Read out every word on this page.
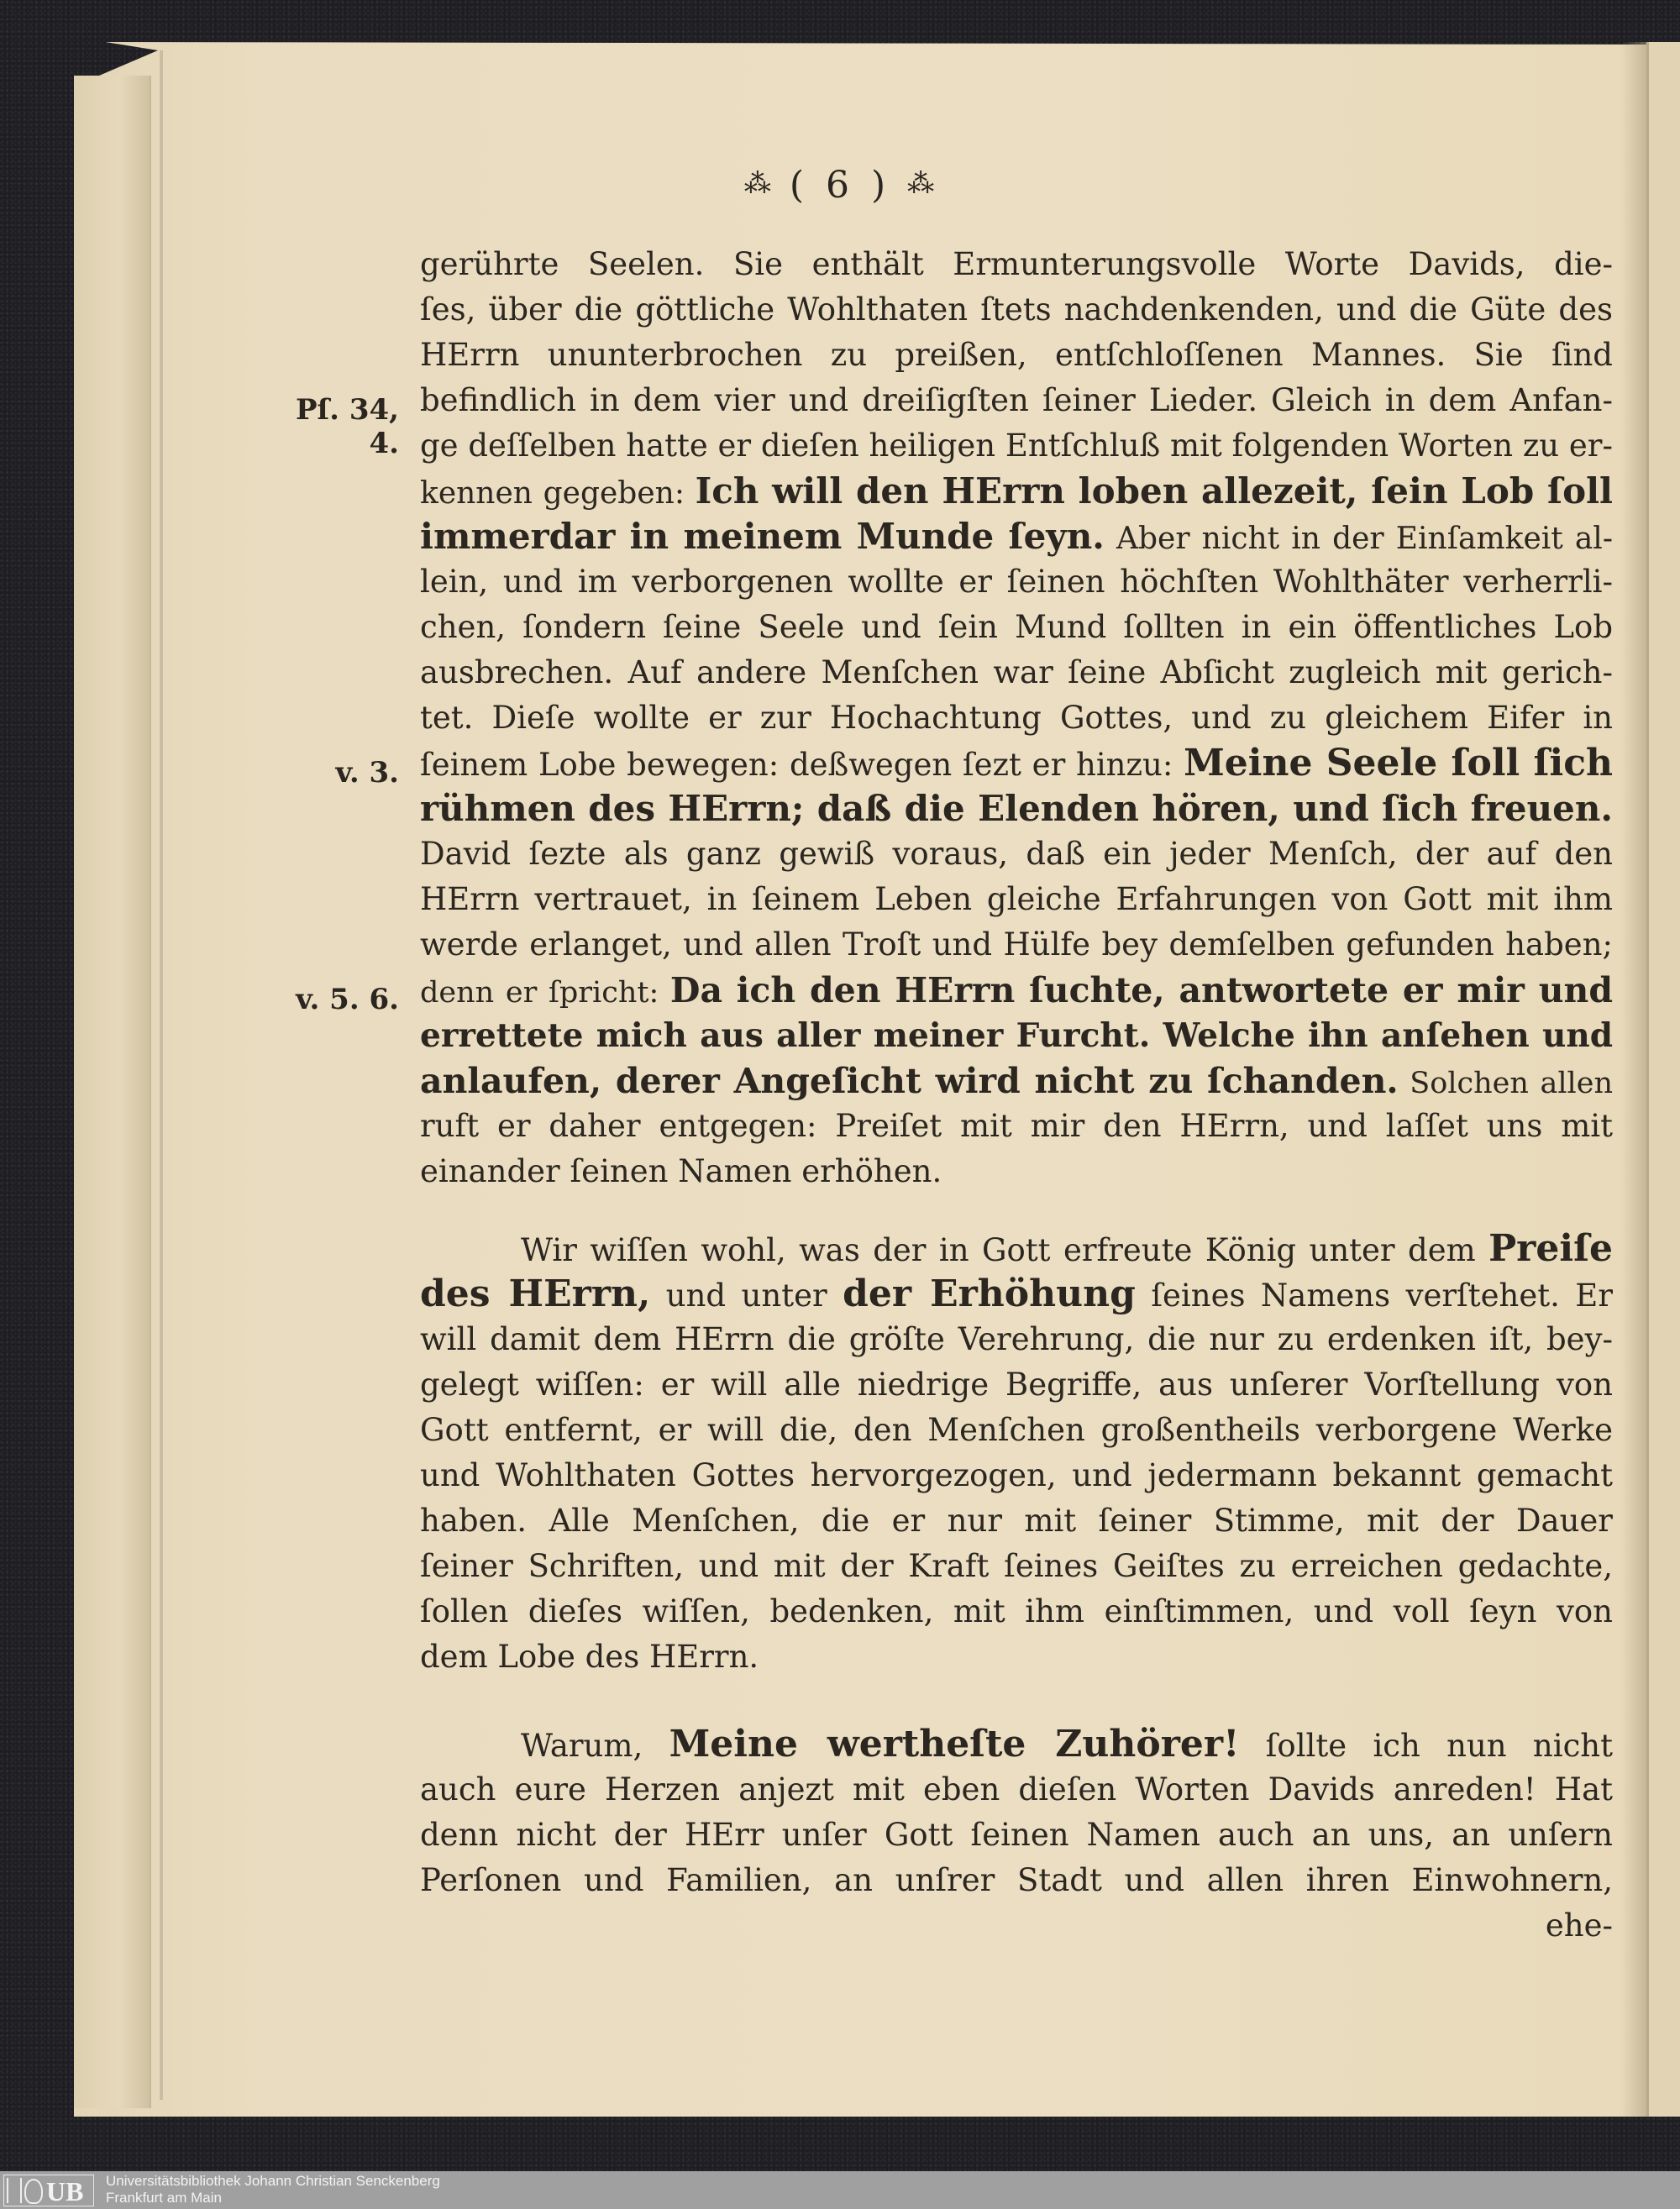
⁂ ( 6 ) ⁂
Pſ. 34, 4.
v. 3.
v. 5. 6.
gerührte Seelen. Sie enthält Ermunterungsvolle Worte Davids, die-
ſes, über die göttliche Wohlthaten ſtets nachdenkenden, und die Güte des
HErrn ununterbrochen zu preißen, entſchloſſenen Mannes. Sie ſind
befindlich in dem vier und dreiſigſten ſeiner Lieder. Gleich in dem Anfan-
ge deſſelben hatte er dieſen heiligen Entſchluß mit folgenden Worten zu er-
kennen gegeben: Ich will den HErrn loben allezeit, ſein Lob ſoll
immerdar in meinem Munde ſeyn. Aber nicht in der Einſamkeit al-
lein, und im verborgenen wollte er ſeinen höchſten Wohlthäter verherrli-
chen, ſondern ſeine Seele und ſein Mund ſollten in ein öffentliches Lob
ausbrechen. Auf andere Menſchen war ſeine Abſicht zugleich mit gerich-
tet. Dieſe wollte er zur Hochachtung Gottes, und zu gleichem Eifer in
ſeinem Lobe bewegen: deßwegen ſezt er hinzu: Meine Seele ſoll ſich
rühmen des HErrn; daß die Elenden hören, und ſich freuen.
David ſezte als ganz gewiß voraus, daß ein jeder Menſch, der auf den
HErrn vertrauet, in ſeinem Leben gleiche Erfahrungen von Gott mit ihm
werde erlanget, und allen Troſt und Hülfe bey demſelben gefunden haben;
denn er ſpricht: Da ich den HErrn ſuchte, antwortete er mir und
errettete mich aus aller meiner Furcht. Welche ihn anſehen und
anlaufen, derer Angeſicht wird nicht zu ſchanden. Solchen allen
ruft er daher entgegen: Preiſet mit mir den HErrn, und laſſet uns mit
einander ſeinen Namen erhöhen.
Wir wiſſen wohl, was der in Gott erfreute König unter dem Preiſe
des HErrn, und unter der Erhöhung ſeines Namens verſtehet. Er
will damit dem HErrn die gröſte Verehrung, die nur zu erdenken iſt, bey-
gelegt wiſſen: er will alle niedrige Begriffe, aus unſerer Vorſtellung von
Gott entfernt, er will die, den Menſchen großentheils verborgene Werke
und Wohlthaten Gottes hervorgezogen, und jedermann bekannt gemacht
haben. Alle Menſchen, die er nur mit ſeiner Stimme, mit der Dauer
ſeiner Schriften, und mit der Kraft ſeines Geiſtes zu erreichen gedachte,
ſollen dieſes wiſſen, bedenken, mit ihm einſtimmen, und voll ſeyn von
dem Lobe des HErrn.
Warum, Meine wertheſte Zuhörer! ſollte ich nun nicht
auch eure Herzen anjezt mit eben dieſen Worten Davids anreden! Hat
denn nicht der HErr unſer Gott ſeinen Namen auch an uns, an unſern
Perſonen und Familien, an unſrer Stadt und allen ihren Einwohnern,
ehe-
UB Universitätsbibliothek Johann Christian Senckenberg
Frankfurt am Main
